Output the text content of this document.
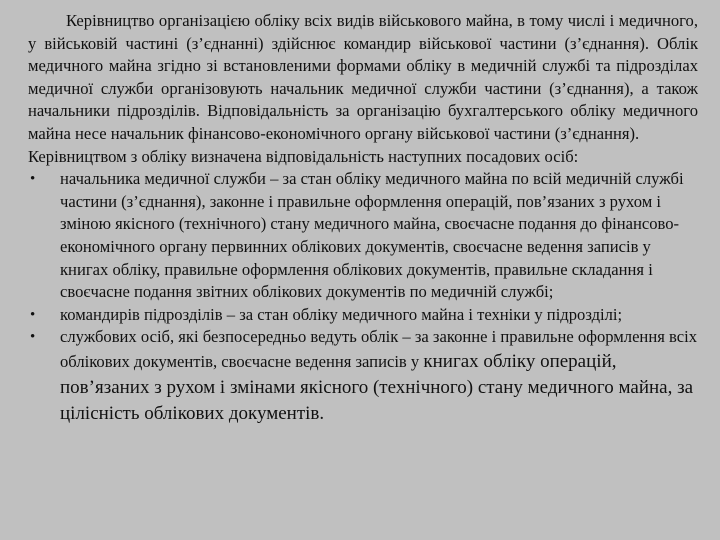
Керівництво організацією обліку всіх видів військового майна, в тому числі і медичного, у військовій частині (з’єднанні) здійснює командир військової частини (з’єднання). Облік медичного майна згідно зі встановленими формами обліку в медичній службі та підрозділах медичної служби організовують начальник медичної служби частини (з’єднання), а також начальники підрозділів. Відповідальність за організацію бухгалтерського обліку медичного майна несе начальник фінансово-економічного органу військової частини (з’єднання).

Керівництвом з обліку визначена відповідальність наступних посадових осіб:

• начальника медичної служби – за стан обліку медичного майна по всій медичній службі частини (з’єднання), законне і правильне оформлення операцій, пов’язаних з рухом і зміною якісного (технічного) стану медичного майна, своєчасне подання до фінансово-економічного органу первинних облікових документів, своєчасне ведення записів у книгах обліку, правильне оформлення облікових документів, правильне складання і своєчасне подання звітних облікових документів по медичній службі;
• командирів підрозділів – за стан обліку медичного майна і техніки у підрозділі;
• службових осіб, які безпосередньо ведуть облік – за законне і правильне оформлення всіх облікових документів, своєчасне ведення записів у книгах обліку операцій, пов’язаних з рухом і змінами якісного (технічного) стану медичного майна, за цілісність облікових документів.
